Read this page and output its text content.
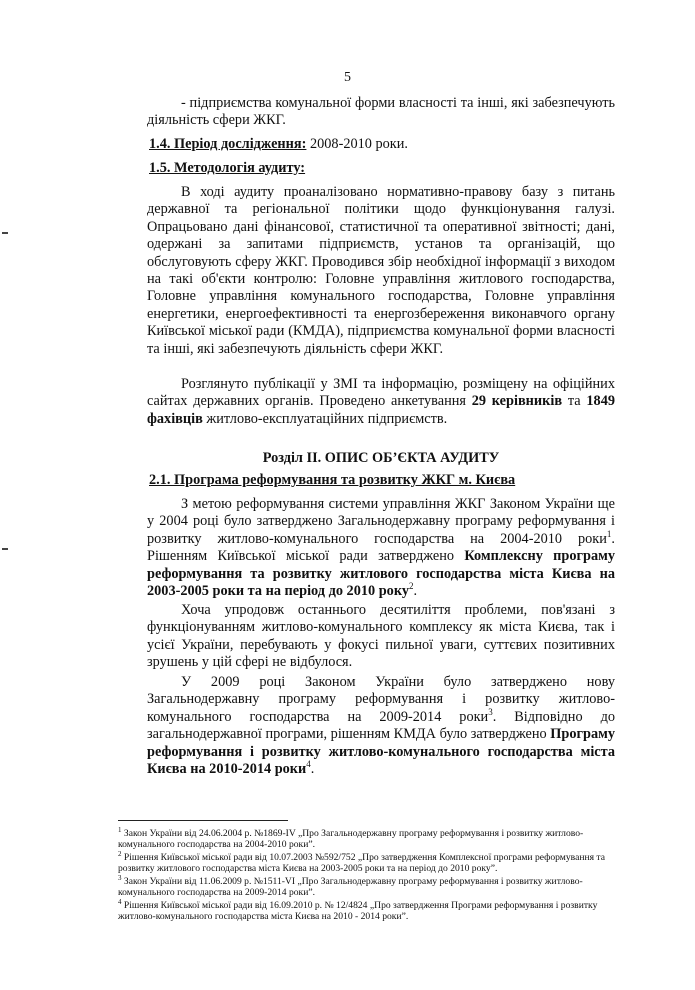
5
- підприємства комунальної форми власності та інші, які забезпечують діяльність сфери ЖКГ.
1.4. Період дослідження: 2008-2010 роки.
1.5. Методологія аудиту:
В ході аудиту проаналізовано нормативно-правову базу з питань державної та регіональної політики щодо функціонування галузі. Опрацьовано дані фінансової, статистичної та оперативної звітності; дані, одержані за запитами підприємств, установ та організацій, що обслуговують сферу ЖКГ. Проводився збір необхідної інформації з виходом на такі об'єкти контролю: Головне управління житлового господарства, Головне управління комунального господарства, Головне управління енергетики, енергоефективності та енергозбереження виконавчого органу Київської міської ради (КМДА), підприємства комунальної форми власності та інші, які забезпечують діяльність сфери ЖКГ.
Розглянуто публікації у ЗМІ та інформацію, розміщену на офіційних сайтах державних органів. Проведено анкетування 29 керівників та 1849 фахівців житлово-експлуатаційних підприємств.
Розділ ІІ. ОПИС ОБ’ЄКТА АУДИТУ
2.1. Програма реформування та розвитку ЖКГ м. Києва
З метою реформування системи управління ЖКГ Законом України ще у 2004 році було затверджено Загальнодержавну програму реформування і розвитку житлово-комунального господарства на 2004-2010 роки$^1$. Рішенням Київської міської ради затверджено Комплексну програму реформування та розвитку житлового господарства міста Києва на 2003-2005 роки та на період до 2010 року$^2$.
Хоча упродовж останнього десятиліття проблеми, пов'язані з функціонуванням житлово-комунального комплексу як міста Києва, так і усієї України, перебувають у фокусі пильної уваги, суттєвих позитивних зрушень у цій сфері не відбулося.
У 2009 році Законом України було затверджено нову Загальнодержавну програму реформування і розвитку житлово-комунального господарства на 2009-2014 роки$^3$. Відповідно до загальнодержавної програми, рішенням КМДА було затверджено Програму реформування і розвитку житлово-комунального господарства міста Києва на 2010-2014 роки$^4$.
$^1$ Закон України від 24.06.2004 р. №1869-IV „Про Загальнодержавну програму реформування і розвитку житлово-комунального господарства на 2004-2010 роки”.
$^2$ Рішення Київської міської ради від 10.07.2003 №592/752 „Про затвердження Комплексної програми реформування та розвитку житлового господарства міста Києва на 2003-2005 роки та на період до 2010 року”.
$^3$ Закон України від 11.06.2009 р. №1511-VI „Про Загальнодержавну програму реформування і розвитку житлово-комунального господарства на 2009-2014 роки”.
$^4$ Рішення Київської міської ради від 16.09.2010 р. № 12/4824 „Про затвердження Програми реформування і розвитку житлово-комунального господарства міста Києва на 2010 - 2014 роки”.
